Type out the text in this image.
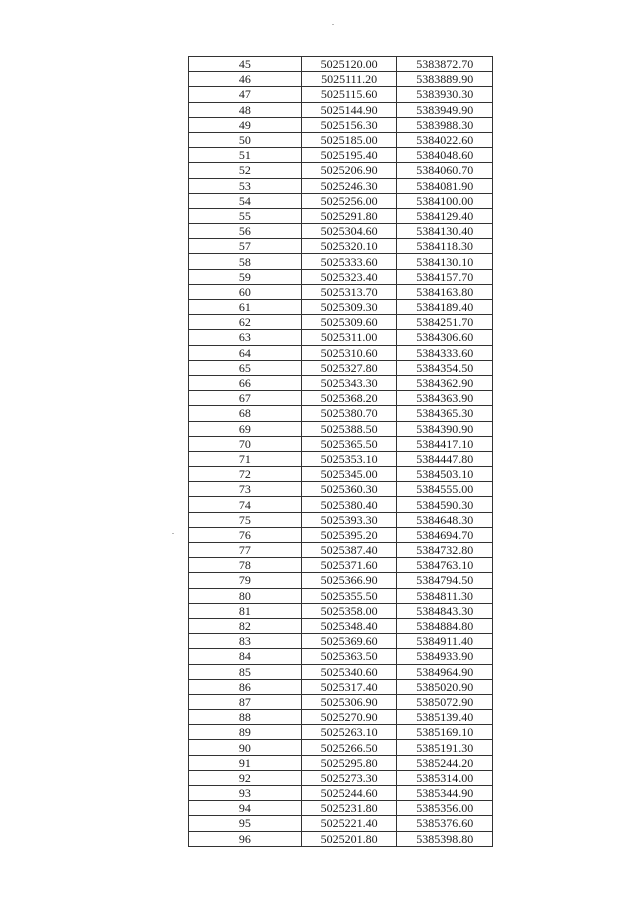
45	5025120.00	5383872.70
46	5025111.20	5383889.90
47	5025115.60	5383930.30
48	5025144.90	5383949.90
49	5025156.30	5383988.30
50	5025185.00	5384022.60
51	5025195.40	5384048.60
52	5025206.90	5384060.70
53	5025246.30	5384081.90
54	5025256.00	5384100.00
55	5025291.80	5384129.40
56	5025304.60	5384130.40
57	5025320.10	5384118.30
58	5025333.60	5384130.10
59	5025323.40	5384157.70
60	5025313.70	5384163.80
61	5025309.30	5384189.40
62	5025309.60	5384251.70
63	5025311.00	5384306.60
64	5025310.60	5384333.60
65	5025327.80	5384354.50
66	5025343.30	5384362.90
67	5025368.20	5384363.90
68	5025380.70	5384365.30
69	5025388.50	5384390.90
70	5025365.50	5384417.10
71	5025353.10	5384447.80
72	5025345.00	5384503.10
73	5025360.30	5384555.00
74	5025380.40	5384590.30
75	5025393.30	5384648.30
76	5025395.20	5384694.70
77	5025387.40	5384732.80
78	5025371.60	5384763.10
79	5025366.90	5384794.50
80	5025355.50	5384811.30
81	5025358.00	5384843.30
82	5025348.40	5384884.80
83	5025369.60	5384911.40
84	5025363.50	5384933.90
85	5025340.60	5384964.90
86	5025317.40	5385020.90
87	5025306.90	5385072.90
88	5025270.90	5385139.40
89	5025263.10	5385169.10
90	5025266.50	5385191.30
91	5025295.80	5385244.20
92	5025273.30	5385314.00
93	5025244.60	5385344.90
94	5025231.80	5385356.00
95	5025221.40	5385376.60
96	5025201.80	5385398.80
